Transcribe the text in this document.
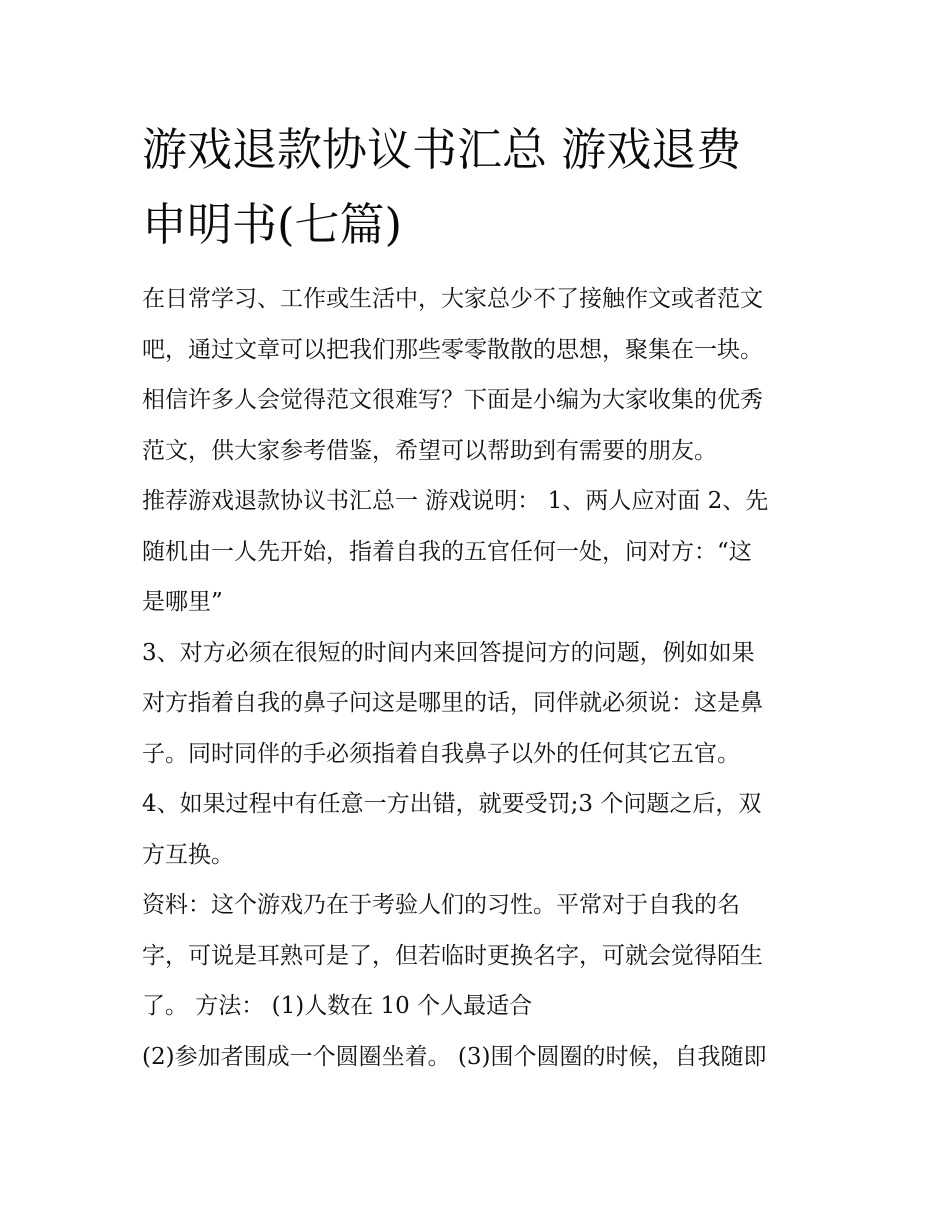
游戏退款协议书汇总 游戏退费
申明书(七篇)

在日常学习、工作或生活中，大家总少不了接触作文或者范文
吧，通过文章可以把我们那些零零散散的思想，聚集在一块。
相信许多人会觉得范文很难写？下面是小编为大家收集的优秀
范文，供大家参考借鉴，希望可以帮助到有需要的朋友。

推荐游戏退款协议书汇总一 游戏说明： 1、两人应对面 2、先
随机由一人先开始，指着自我的五官任何一处，问对方：“这
是哪里”

3、对方必须在很短的时间内来回答提问方的问题，例如如果
对方指着自我的鼻子问这是哪里的话，同伴就必须说：这是鼻
子。同时同伴的手必须指着自我鼻子以外的任何其它五官。

4、如果过程中有任意一方出错，就要受罚;3 个问题之后，双
方互换。

资料：这个游戏乃在于考验人们的习性。平常对于自我的名
字，可说是耳熟可是了，但若临时更换名字，可就会觉得陌生
了。 方法： (1)人数在 10 个人最适合

(2)参加者围成一个圆圈坐着。 (3)围个圆圈的时候，自我随即
